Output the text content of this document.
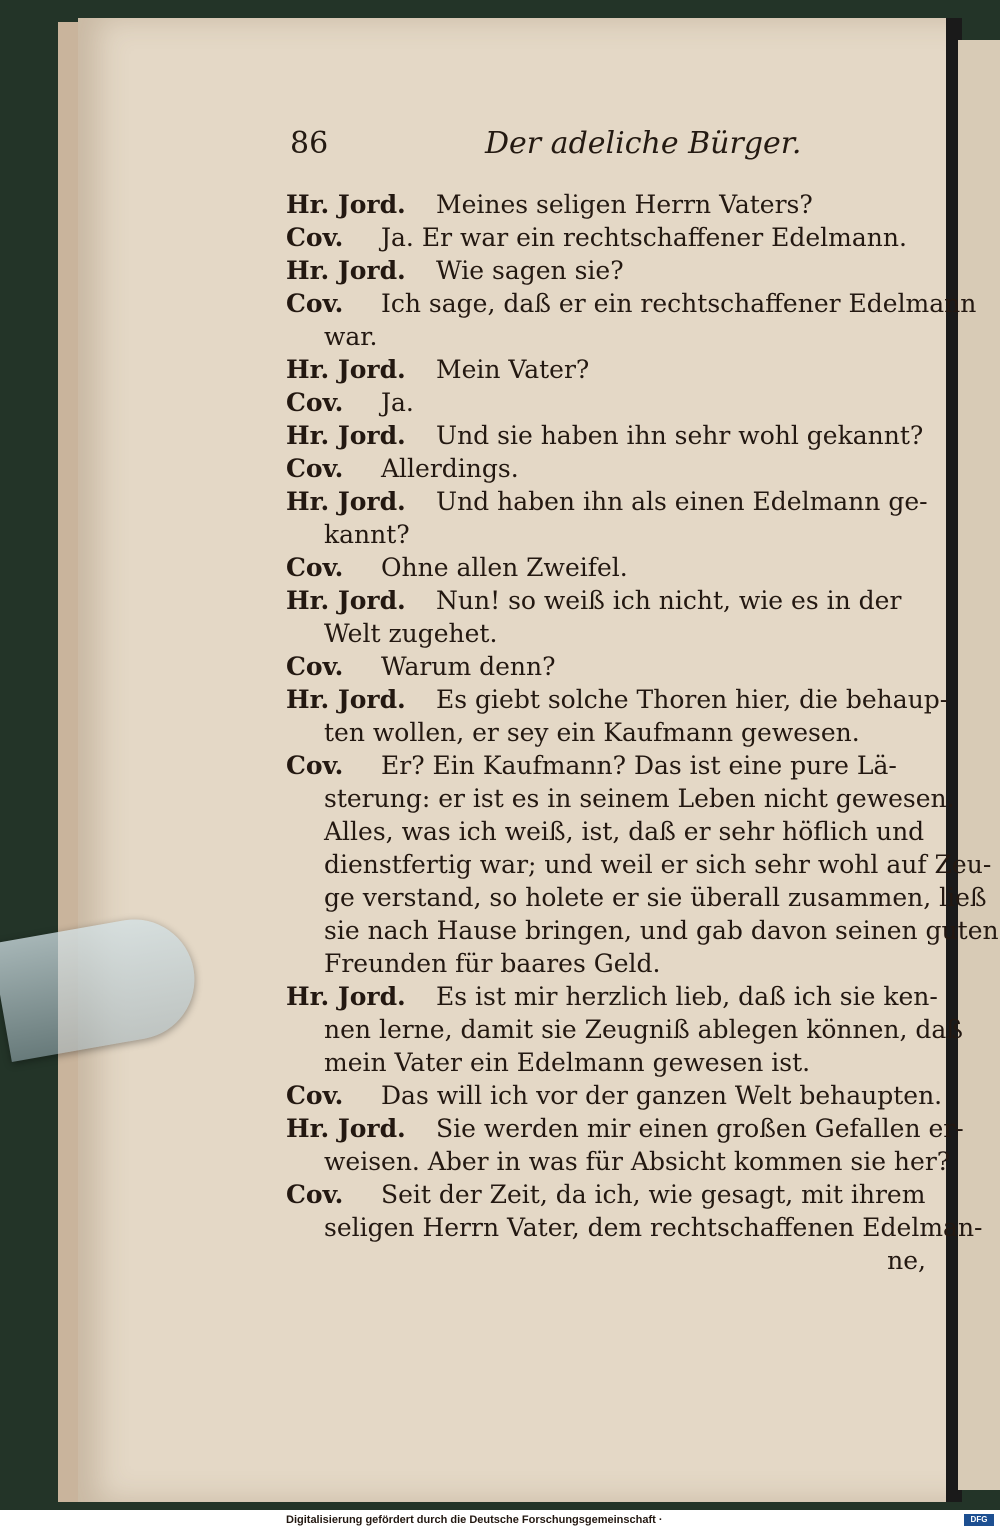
86	Der adeliche Bürger.
Hr. Jord. Meines seligen Herrn Vaters?
Cov. Ja. Er war ein rechtschaffener Edelmann.
Hr. Jord. Wie sagen sie?
Cov. Ich sage, daß er ein rechtschaffener Edelmann
war.
Hr. Jord. Mein Vater?
Cov. Ja.
Hr. Jord. Und sie haben ihn sehr wohl gekannt?
Cov. Allerdings.
Hr. Jord. Und haben ihn als einen Edelmann ge-
kannt?
Cov. Ohne allen Zweifel.
Hr. Jord. Nun! so weiß ich nicht, wie es in der
Welt zugehet.
Cov. Warum denn?
Hr. Jord. Es giebt solche Thoren hier, die behaup-
ten wollen, er sey ein Kaufmann gewesen.
Cov. Er? Ein Kaufmann? Das ist eine pure Lä-
sterung: er ist es in seinem Leben nicht gewesen.
Alles, was ich weiß, ist, daß er sehr höflich und
dienstfertig war; und weil er sich sehr wohl auf Zeu-
ge verstand, so holete er sie überall zusammen, ließ
sie nach Hause bringen, und gab davon seinen guten
Freunden für baares Geld.
Hr. Jord. Es ist mir herzlich lieb, daß ich sie ken-
nen lerne, damit sie Zeugniß ablegen können, daß
mein Vater ein Edelmann gewesen ist.
Cov. Das will ich vor der ganzen Welt behaupten.
Hr. Jord. Sie werden mir einen großen Gefallen er-
weisen. Aber in was für Absicht kommen sie her?
Cov. Seit der Zeit, da ich, wie gesagt, mit ihrem
seligen Herrn Vater, dem rechtschaffenen Edelman-
ne,
Digitalisierung gefördert durch die Deutsche Forschungsgemeinschaft ·	DFG
